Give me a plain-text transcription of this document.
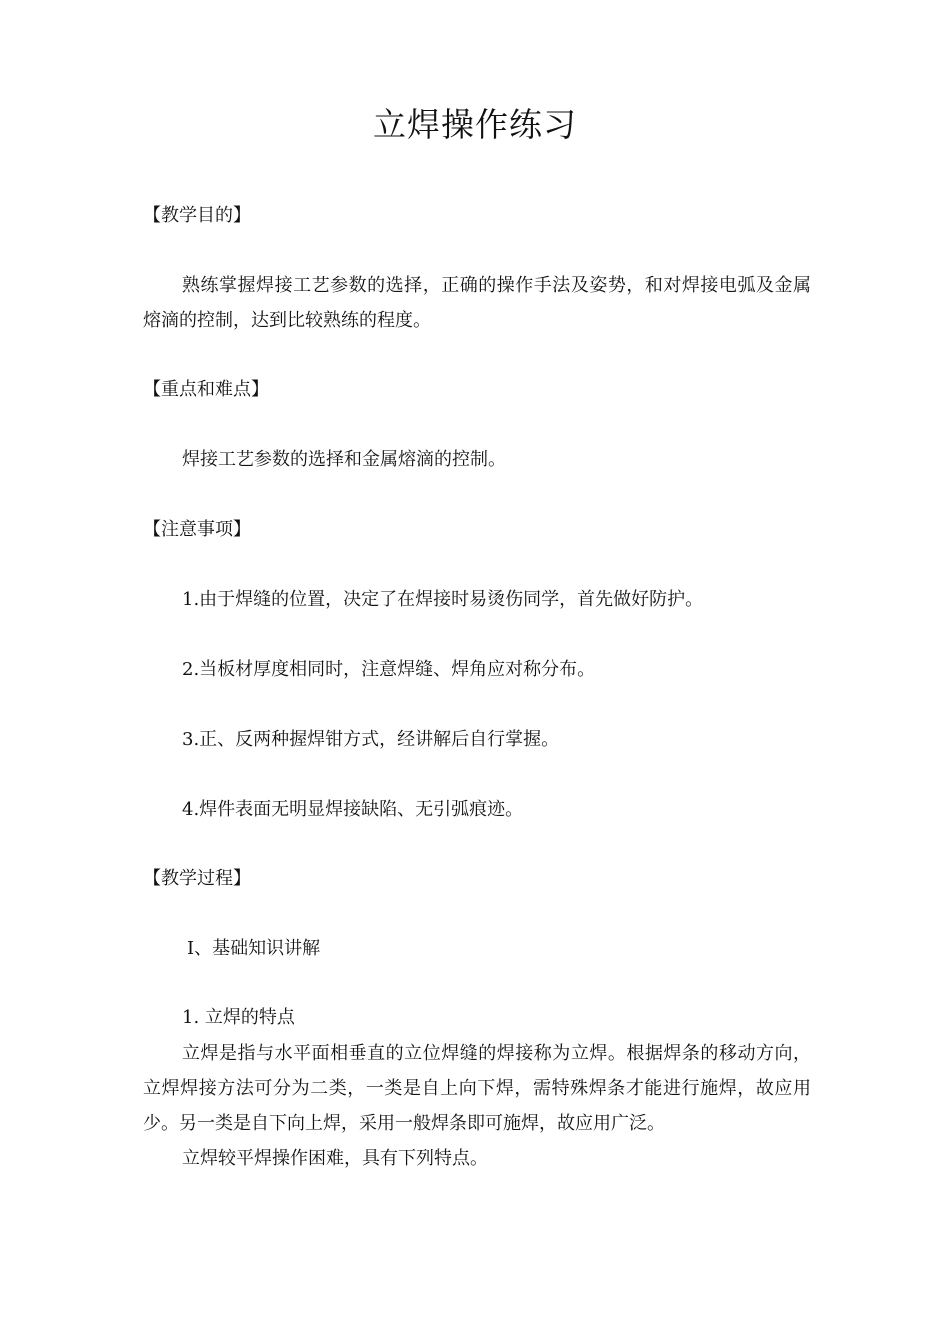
立焊操作练习

【教学目的】

熟练掌握焊接工艺参数的选择，正确的操作手法及姿势，和对焊接电弧及金属熔滴的控制，达到比较熟练的程度。

【重点和难点】

焊接工艺参数的选择和金属熔滴的控制。

【注意事项】

1.由于焊缝的位置，决定了在焊接时易烫伤同学，首先做好防护。

2.当板材厚度相同时，注意焊缝、焊角应对称分布。

3.正、反两种握焊钳方式，经讲解后自行掌握。

4.焊件表面无明显焊接缺陷、无引弧痕迹。

【教学过程】

Ⅰ、基础知识讲解

1. 立焊的特点

立焊是指与水平面相垂直的立位焊缝的焊接称为立焊。根据焊条的移动方向，立焊焊接方法可分为二类，一类是自上向下焊，需特殊焊条才能进行施焊，故应用少。另一类是自下向上焊，采用一般焊条即可施焊，故应用广泛。

立焊较平焊操作困难，具有下列特点。
